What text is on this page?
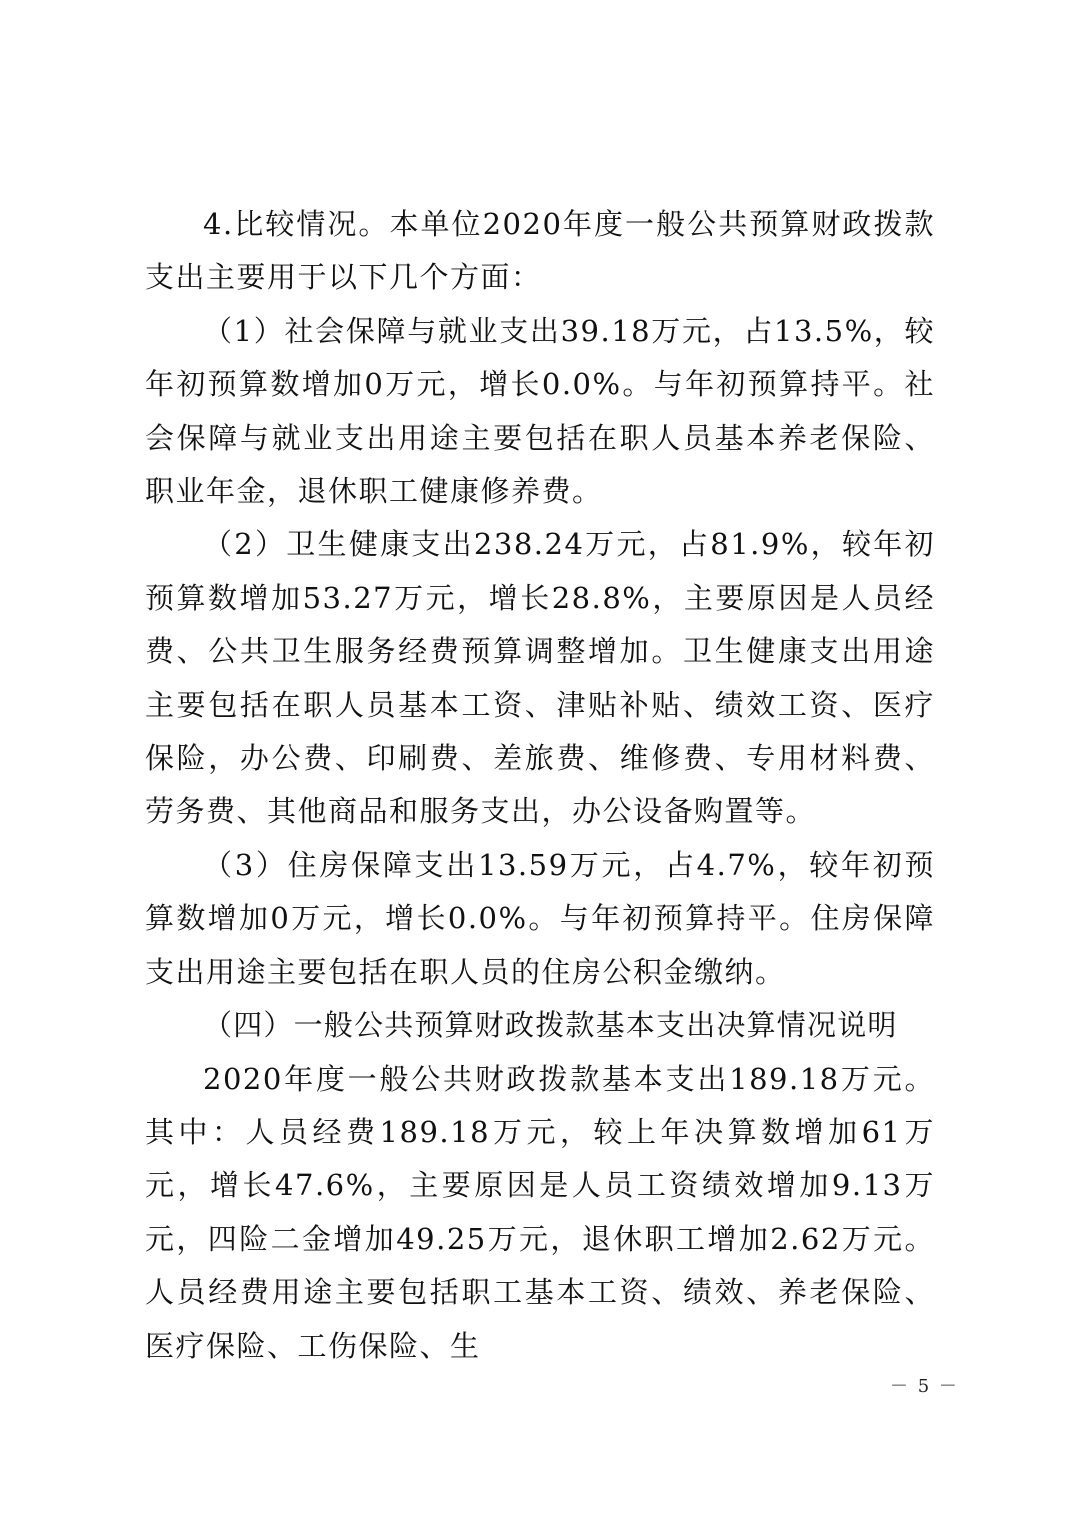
4.比较情况。本单位2020年度一般公共预算财政拨款支出主要用于以下几个方面：

（1）社会保障与就业支出39.18万元，占13.5%，较年初预算数增加0万元，增长0.0%。与年初预算持平。社会保障与就业支出用途主要包括在职人员基本养老保险、职业年金，退休职工健康修养费。

（2）卫生健康支出238.24万元，占81.9%，较年初预算数增加53.27万元，增长28.8%，主要原因是人员经费、公共卫生服务经费预算调整增加。卫生健康支出用途主要包括在职人员基本工资、津贴补贴、绩效工资、医疗保险，办公费、印刷费、差旅费、维修费、专用材料费、劳务费、其他商品和服务支出，办公设备购置等。

（3）住房保障支出13.59万元，占4.7%，较年初预算数增加0万元，增长0.0%。与年初预算持平。住房保障支出用途主要包括在职人员的住房公积金缴纳。

（四）一般公共预算财政拨款基本支出决算情况说明

2020年度一般公共财政拨款基本支出189.18万元。其中：人员经费189.18万元，较上年决算数增加61万元，增长47.6%，主要原因是人员工资绩效增加9.13万元，四险二金增加49.25万元，退休职工增加2.62万元。人员经费用途主要包括职工基本工资、绩效、养老保险、医疗保险、工伤保险、生

－ 5 －
